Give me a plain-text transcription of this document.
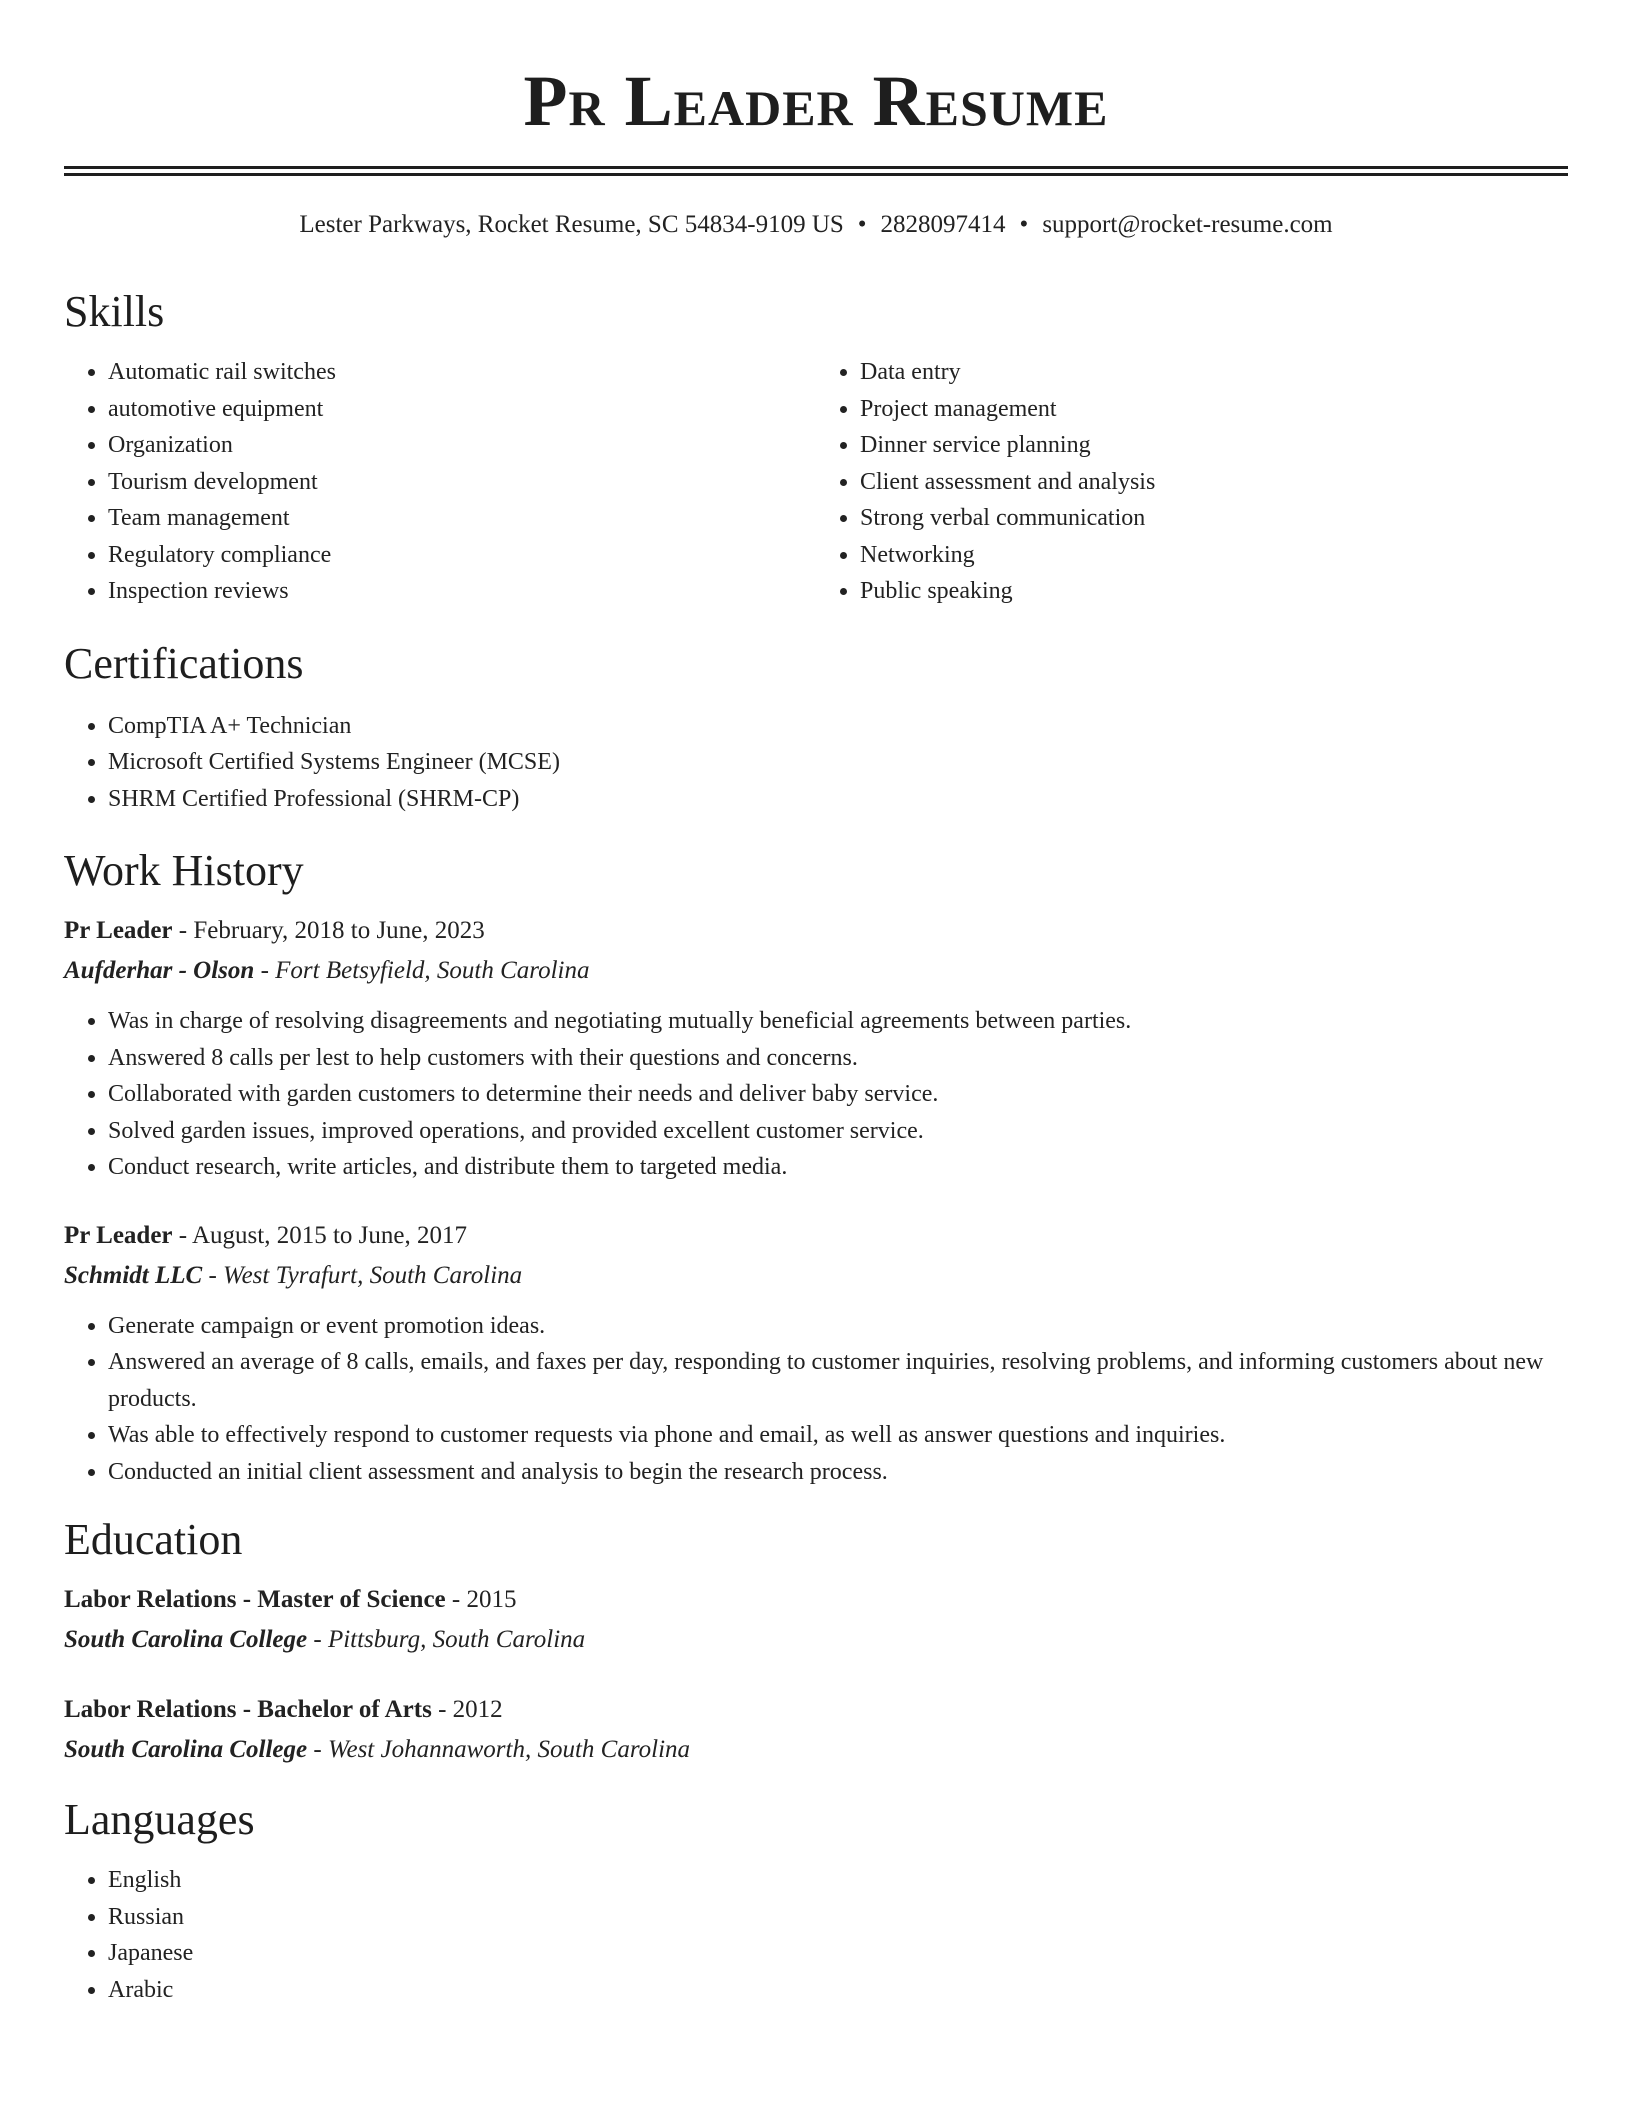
Pr Leader Resume
Lester Parkways, Rocket Resume, SC 54834-9109 US • 2828097414 • support@rocket-resume.com
Skills
• Automatic rail switches
• automotive equipment
• Organization
• Tourism development
• Team management
• Regulatory compliance
• Inspection reviews
• Data entry
• Project management
• Dinner service planning
• Client assessment and analysis
• Strong verbal communication
• Networking
• Public speaking
Certifications
• CompTIA A+ Technician
• Microsoft Certified Systems Engineer (MCSE)
• SHRM Certified Professional (SHRM-CP)
Work History
Pr Leader - February, 2018 to June, 2023
Aufderhar - Olson - Fort Betsyfield, South Carolina
• Was in charge of resolving disagreements and negotiating mutually beneficial agreements between parties.
• Answered 8 calls per lest to help customers with their questions and concerns.
• Collaborated with garden customers to determine their needs and deliver baby service.
• Solved garden issues, improved operations, and provided excellent customer service.
• Conduct research, write articles, and distribute them to targeted media.
Pr Leader - August, 2015 to June, 2017
Schmidt LLC - West Tyrafurt, South Carolina
• Generate campaign or event promotion ideas.
• Answered an average of 8 calls, emails, and faxes per day, responding to customer inquiries, resolving problems, and informing customers about new products.
• Was able to effectively respond to customer requests via phone and email, as well as answer questions and inquiries.
• Conducted an initial client assessment and analysis to begin the research process.
Education
Labor Relations - Master of Science - 2015
South Carolina College - Pittsburg, South Carolina
Labor Relations - Bachelor of Arts - 2012
South Carolina College - West Johannaworth, South Carolina
Languages
• English
• Russian
• Japanese
• Arabic
